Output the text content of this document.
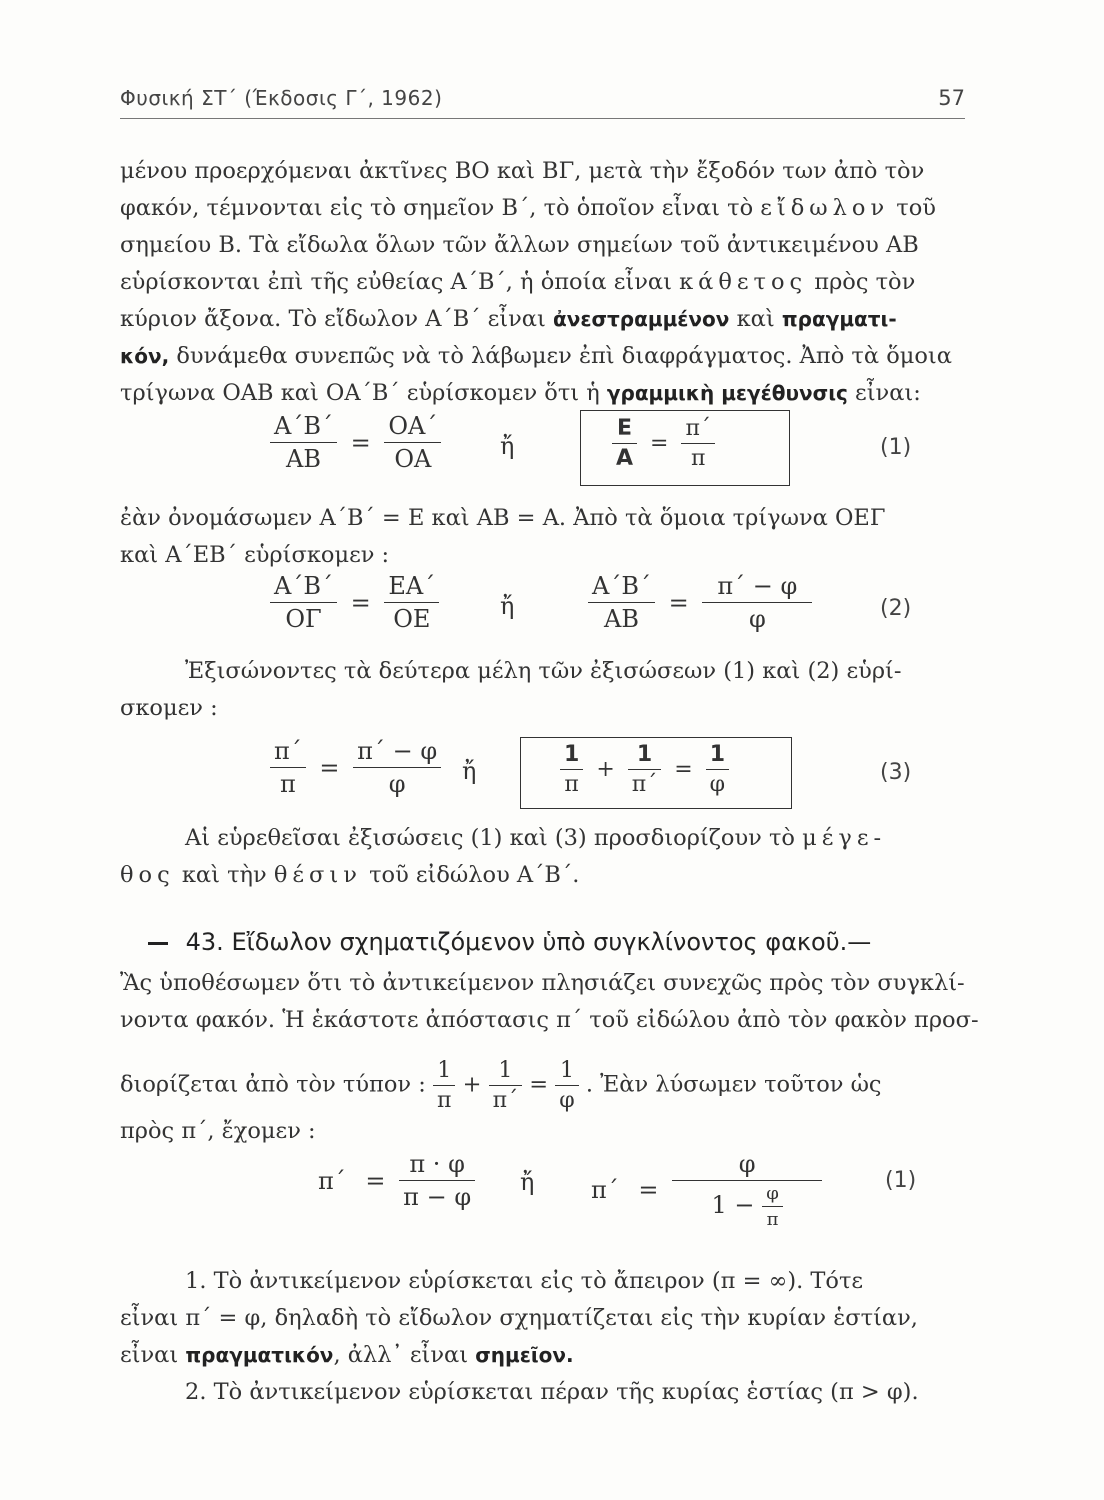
Φυσική ΣΤ΄ (Έκδοσις Γ΄, 1962)	57
μένου προερχόμεναι ἀκτῖνες ΒΟ καὶ ΒΓ, μετὰ τὴν ἔξοδόν των ἀπὸ τὸν
φακόν, τέμνονται εἰς τὸ σημεῖον Β΄, τὸ ὁποῖον εἶναι τὸ εἴδωλον τοῦ
σημείου Β. Τὰ εἴδωλα ὅλων τῶν ἄλλων σημείων τοῦ ἀντικειμένου ΑΒ
εὑρίσκονται ἐπὶ τῆς εὐθείας Α΄Β΄, ἡ ὁποία εἶναι κάθετος πρὸς τὸν
κύριον ἄξονα. Τὸ εἴδωλον Α΄Β΄ εἶναι ἀνεστραμμένον καὶ πραγματι-
κόν, δυνάμεθα συνεπῶς νὰ τὸ λάβωμεν ἐπὶ διαφράγματος. Ἀπὸ τὰ ὅμοια
τρίγωνα ΟΑΒ καὶ ΟΑ΄Β΄ εὑρίσκομεν ὅτι ἡ γραμμικὴ μεγέθυνσις εἶναι:
$\frac{A΄B΄}{AB} = \frac{OA΄}{OA}$ ἤ	$\frac{E}{A} = \frac{\pi΄}{\pi}$	(1)
ἐὰν ὀνομάσωμεν Α΄Β΄ = Ε καὶ ΑΒ = Α. Ἀπὸ τὰ ὅμοια τρίγωνα ΟΕΓ
καὶ Α΄ΕΒ΄ εὑρίσκομεν :
$\frac{A΄B΄}{O\Gamma} = \frac{EA΄}{OE}$	ἤ	$\frac{A΄B΄}{AB} = \frac{\pi΄ - \varphi}{\varphi}$	(2)
Ἐξισώνοντες τὰ δεύτερα μέλη τῶν ἐξισώσεων (1) καὶ (2) εὑρί-
σκομεν :
$\frac{\pi΄}{\pi} = \frac{\pi΄ - \varphi}{\varphi}$ ἤ	$\frac{1}{\pi} + \frac{1}{\pi΄} = \frac{1}{\varphi}$	(3)
Αἱ εὑρεθεῖσαι ἐξισώσεις (1) καὶ (3) προσδιορίζουν τὸ μέγε-
θος καὶ τὴν θέσιν τοῦ εἰδώλου Α΄Β΄.
43. Εἴδωλον σχηματιζόμενον ὑπὸ συγκλίνοντος φακοῦ.—
Ἂς ὑποθέσωμεν ὅτι τὸ ἀντικείμενον πλησιάζει συνεχῶς πρὸς τὸν συγκλί-
νοντα φακόν. Ἡ ἑκάστοτε ἀπόστασις π΄ τοῦ εἰδώλου ἀπὸ τὸν φακὸν προσ-
διορίζεται ἀπὸ τὸν τύπον : $\frac{1}{\pi} + \frac{1}{\pi΄} = \frac{1}{\varphi}$ . Ἐὰν λύσωμεν τοῦτον ὡς
πρὸς π΄, ἔχομεν :
$\pi΄ = \frac{\pi \cdot \varphi}{\pi - \varphi}$ ἤ $\pi΄ = \frac{\varphi}{1 - \frac{\varphi}{\pi}}$	(1)
1. Τὸ ἀντικείμενον εὑρίσκεται εἰς τὸ ἄπειρον (π = ∞). Τότε
εἶναι π΄ = φ, δηλαδὴ τὸ εἴδωλον σχηματίζεται εἰς τὴν κυρίαν ἑστίαν,
εἶναι πραγματικόν, ἀλλ᾿ εἶναι σημεῖον.
2. Τὸ ἀντικείμενον εὑρίσκεται πέραν τῆς κυρίας ἑστίας (π > φ).
